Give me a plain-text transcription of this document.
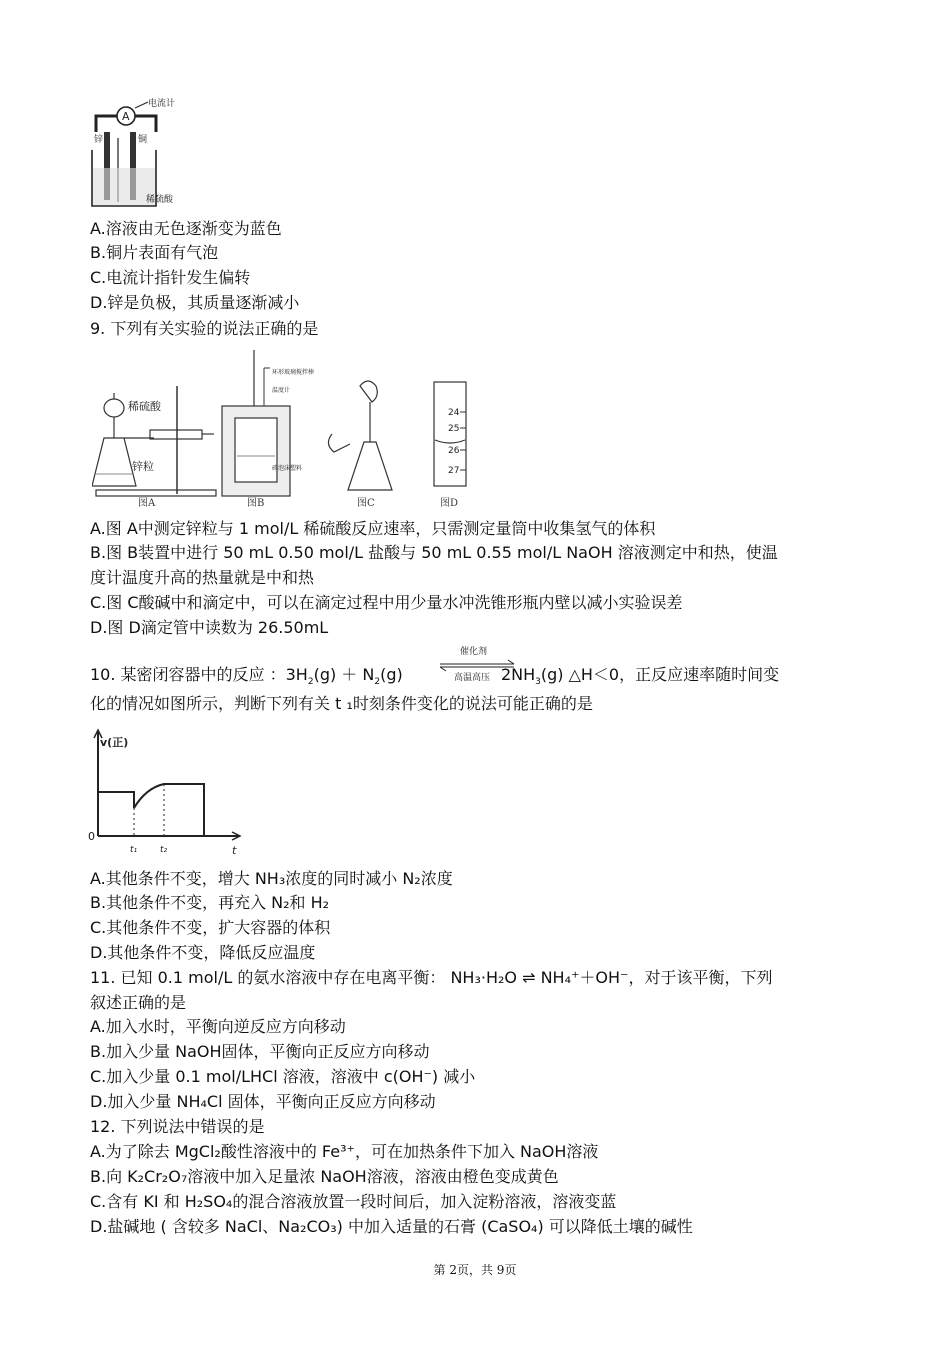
A
电流计
锌	铜
稀硫酸
A.溶液由无色逐渐变为蓝色
B.铜片表面有气泡
C.电流计指针发生偏转
D.锌是负极，其质量逐渐减小
9. 下列有关实验的说法正确的是
稀硫酸
锌粒
图A
环形玻璃搅拌棒
温度计
碎泡沫塑料
图B	图C
24
25
26
27
图D
A.图 A中测定锌粒与 1 mol/L 稀硫酸反应速率，只需测定量筒中收集氢气的体积
B.图 B装置中进行 50 mL 0.50 mol/L 盐酸与 50 mL 0.55 mol/L NaOH 溶液测定中和热，使温
度计温度升高的热量就是中和热
C.图 C酸碱中和滴定中，可以在滴定过程中用少量水冲洗锥形瓶内壁以减小实验误差
D.图 D滴定管中读数为 26.50mL
10. 某密闭容器中的反应 ：$3H_2(g) + N_2(g)$	$2NH_3(g)$ △H＜0，正反应速率随时间变
催化剂
高温高压
化的情况如图所示，判断下列有关 t ₁时刻条件变化的说法可能正确的是
v(正)
0
t
t₁	t₂
A.其他条件不变，增大 NH₃浓度的同时减小 N₂浓度
B.其他条件不变，再充入 N₂和 H₂
C.其他条件不变，扩大容器的体积
D.其他条件不变，降低反应温度
11. 已知 0.1 mol/L 的氨水溶液中存在电离平衡： NH₃·H₂O ⇌ NH₄⁺＋OH⁻，对于该平衡，下列
叙述正确的是
A.加入水时，平衡向逆反应方向移动
B.加入少量 NaOH固体，平衡向正反应方向移动
C.加入少量 0.1 mol/LHCl 溶液，溶液中 c(OH⁻) 减小
D.加入少量 NH₄Cl 固体，平衡向正反应方向移动
12. 下列说法中错误的是
A.为了除去 MgCl₂酸性溶液中的 Fe³⁺，可在加热条件下加入 NaOH溶液
B.向 K₂Cr₂O₇溶液中加入足量浓 NaOH溶液，溶液由橙色变成黄色
C.含有 KI 和 H₂SO₄的混合溶液放置一段时间后，加入淀粉溶液，溶液变蓝
D.盐碱地 ( 含较多 NaCl、Na₂CO₃) 中加入适量的石膏 (CaSO₄) 可以降低土壤的碱性
第 2页，共 9页
